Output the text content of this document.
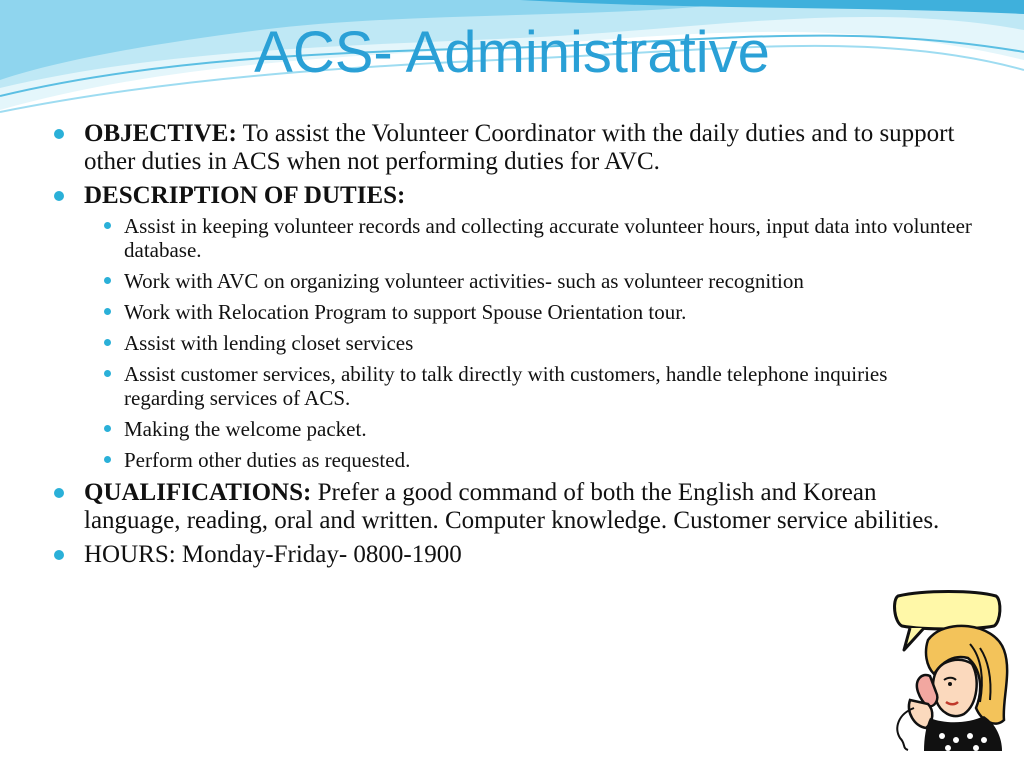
ACS- Administrative
OBJECTIVE: To assist the Volunteer Coordinator with the daily duties and to support other duties in ACS when not performing duties for AVC.
DESCRIPTION OF DUTIES:
Assist in keeping volunteer records and collecting accurate volunteer hours, input data into volunteer database.
Work with AVC on organizing volunteer activities- such as volunteer recognition
Work with Relocation Program to support Spouse Orientation tour.
Assist with lending closet services
Assist customer services, ability to talk directly with customers, handle telephone inquiries regarding services of ACS.
Making the welcome packet.
Perform other duties as requested.
QUALIFICATIONS: Prefer a good command of both the English and Korean language, reading, oral and written. Computer knowledge. Customer service abilities.
HOURS: Monday-Friday- 0800-1900
